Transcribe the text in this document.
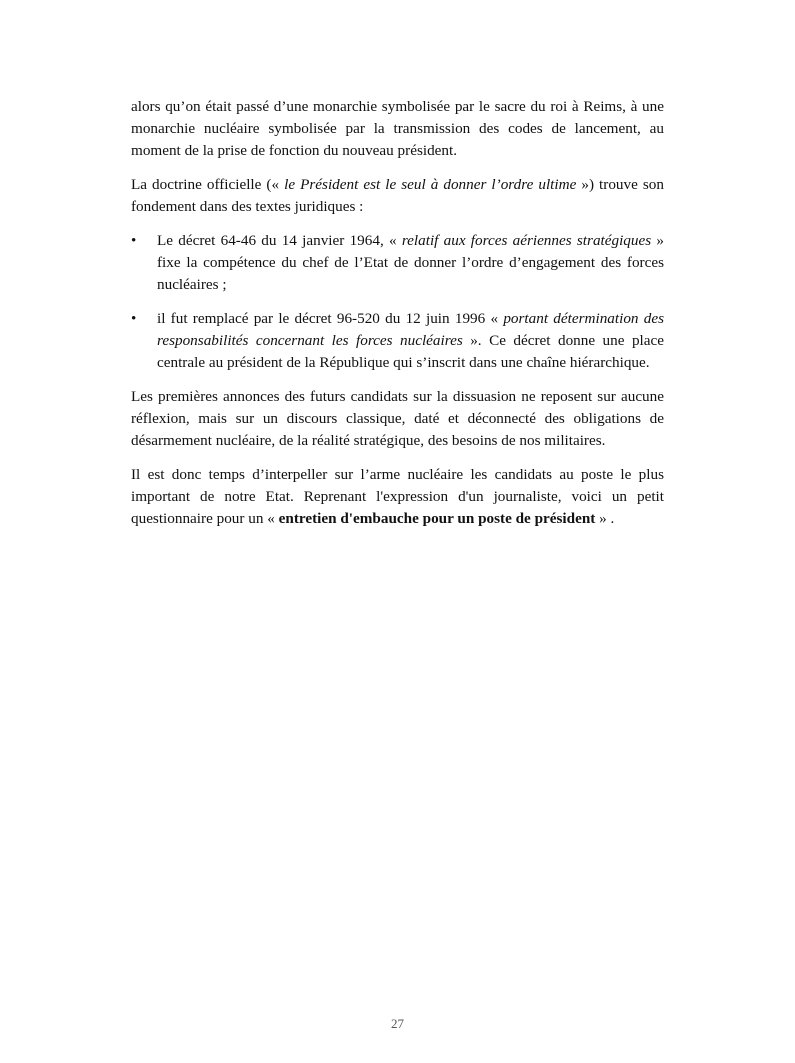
alors qu’on était passé d’une monarchie symbolisée par le sacre du roi à Reims, à une monarchie nucléaire symbolisée par la transmission des codes de lancement, au moment de la prise de fonction du nouveau président.

La doctrine officielle (« le Président est le seul à donner l’ordre ultime ») trouve son fondement dans des textes juridiques :

• Le décret 64-46 du 14 janvier 1964, « relatif aux forces aériennes stratégiques » fixe la compétence du chef de l’Etat de donner l’ordre d’engagement des forces nucléaires ;
• il fut remplacé par le décret 96-520 du 12 juin 1996 « portant détermination des responsabilités concernant les forces nucléaires ». Ce décret donne une place centrale au président de la République qui s’inscrit dans une chaîne hiérarchique.

Les premières annonces des futurs candidats sur la dissuasion ne reposent sur aucune réflexion, mais sur un discours classique, daté et déconnecté des obligations de désarmement nucléaire, de la réalité stratégique, des besoins de nos militaires.

Il est donc temps d’interpeller sur l’arme nucléaire les candidats au poste le plus important de notre Etat. Reprenant l'expression d'un journaliste, voici un petit questionnaire pour un « entretien d'embauche pour un poste de président » .

27
